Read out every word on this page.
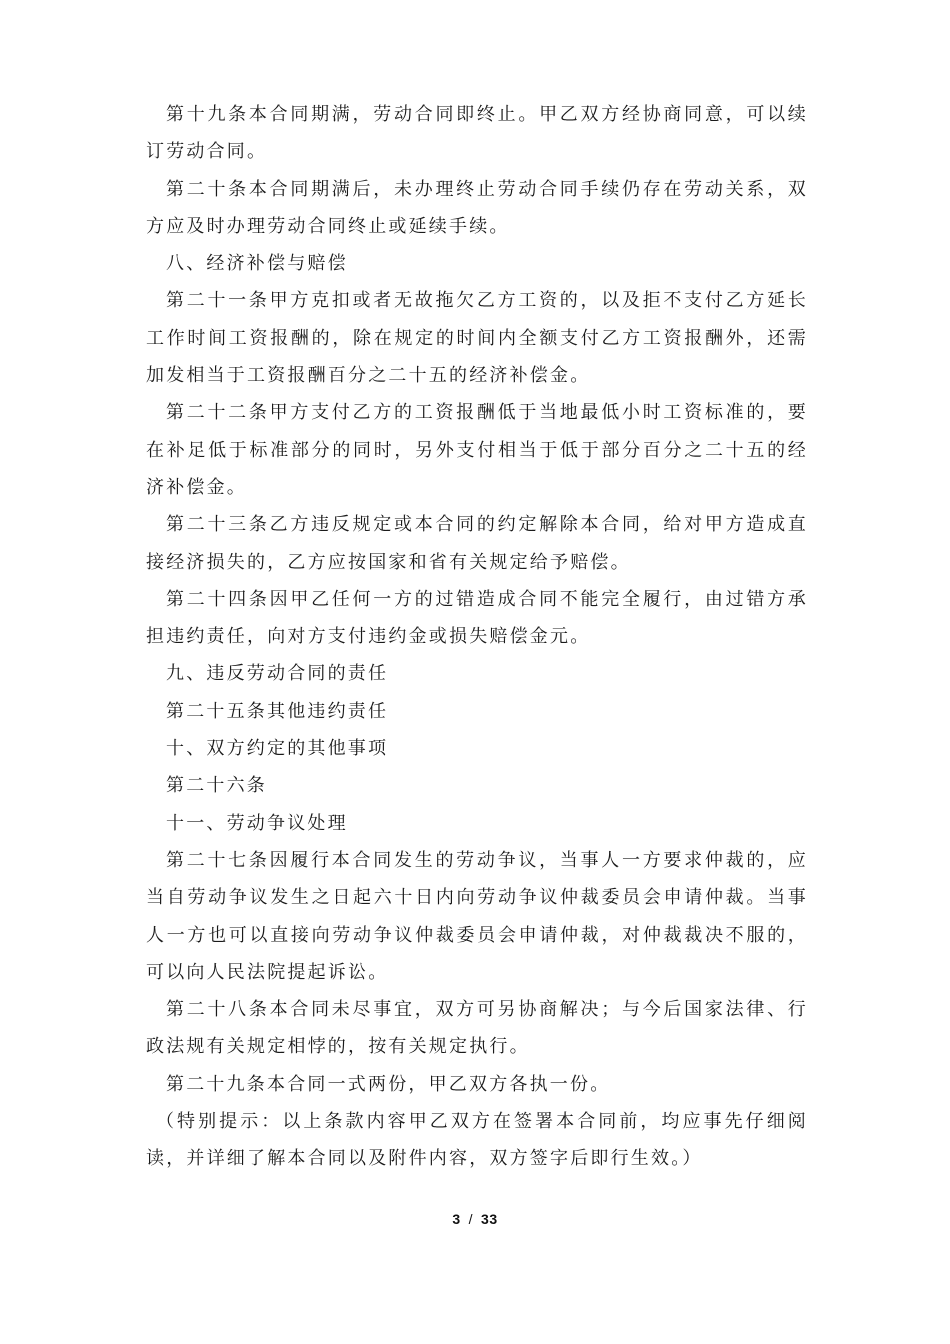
第十九条本合同期满，劳动合同即终止。甲乙双方经协商同意，可以续订劳动合同。

第二十条本合同期满后，未办理终止劳动合同手续仍存在劳动关系，双方应及时办理劳动合同终止或延续手续。

八、经济补偿与赔偿

第二十一条甲方克扣或者无故拖欠乙方工资的，以及拒不支付乙方延长工作时间工资报酬的，除在规定的时间内全额支付乙方工资报酬外，还需加发相当于工资报酬百分之二十五的经济补偿金。

第二十二条甲方支付乙方的工资报酬低于当地最低小时工资标准的，要在补足低于标准部分的同时，另外支付相当于低于部分百分之二十五的经济补偿金。

第二十三条乙方违反规定或本合同的约定解除本合同，给对甲方造成直接经济损失的，乙方应按国家和省有关规定给予赔偿。

第二十四条因甲乙任何一方的过错造成合同不能完全履行，由过错方承担违约责任，向对方支付违约金或损失赔偿金元。

九、违反劳动合同的责任

第二十五条其他违约责任

十、双方约定的其他事项

第二十六条

十一、劳动争议处理

第二十七条因履行本合同发生的劳动争议，当事人一方要求仲裁的，应当自劳动争议发生之日起六十日内向劳动争议仲裁委员会申请仲裁。当事人一方也可以直接向劳动争议仲裁委员会申请仲裁，对仲裁裁决不服的，可以向人民法院提起诉讼。

第二十八条本合同未尽事宜，双方可另协商解决；与今后国家法律、行政法规有关规定相悖的，按有关规定执行。

第二十九条本合同一式两份，甲乙双方各执一份。

（特别提示：以上条款内容甲乙双方在签署本合同前，均应事先仔细阅读，并详细了解本合同以及附件内容，双方签字后即行生效。）

3 / 33
